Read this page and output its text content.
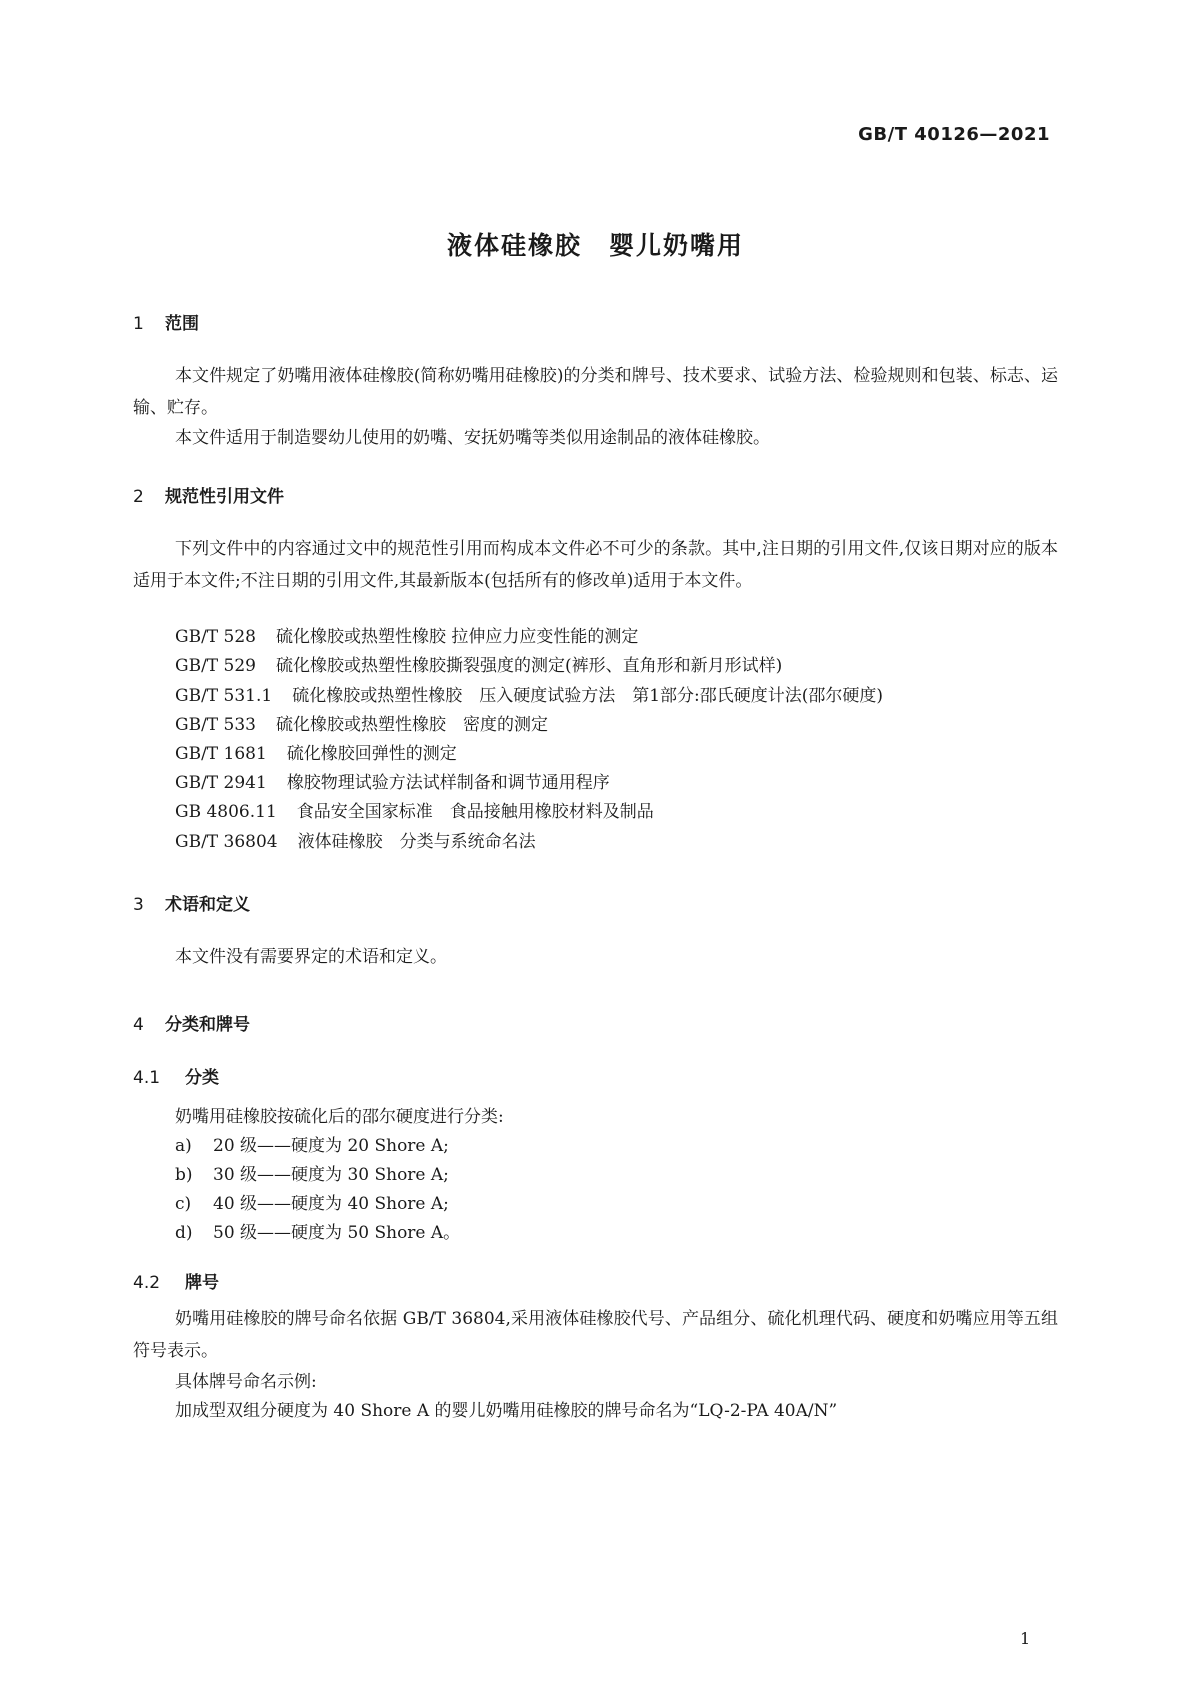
GB/T 40126—2021
液体硅橡胶　婴儿奶嘴用
1 范围
本文件规定了奶嘴用液体硅橡胶(简称奶嘴用硅橡胶)的分类和牌号、技术要求、试验方法、检验规则和包装、标志、运输、贮存。
本文件适用于制造婴幼儿使用的奶嘴、安抚奶嘴等类似用途制品的液体硅橡胶。
2 规范性引用文件
下列文件中的内容通过文中的规范性引用而构成本文件必不可少的条款。其中,注日期的引用文件,仅该日期对应的版本适用于本文件;不注日期的引用文件,其最新版本(包括所有的修改单)适用于本文件。
GB/T 528 硫化橡胶或热塑性橡胶 拉伸应力应变性能的测定
GB/T 529 硫化橡胶或热塑性橡胶撕裂强度的测定(裤形、直角形和新月形试样)
GB/T 531.1 硫化橡胶或热塑性橡胶　压入硬度试验方法　第1部分:邵氏硬度计法(邵尔硬度)
GB/T 533 硫化橡胶或热塑性橡胶　密度的测定
GB/T 1681 硫化橡胶回弹性的测定
GB/T 2941 橡胶物理试验方法试样制备和调节通用程序
GB 4806.11 食品安全国家标准　食品接触用橡胶材料及制品
GB/T 36804 液体硅橡胶　分类与系统命名法
3 术语和定义
本文件没有需要界定的术语和定义。
4 分类和牌号
4.1 分类
奶嘴用硅橡胶按硫化后的邵尔硬度进行分类:
a) 20 级——硬度为 20 Shore A;
b) 30 级——硬度为 30 Shore A;
c) 40 级——硬度为 40 Shore A;
d) 50 级——硬度为 50 Shore A。
4.2 牌号
奶嘴用硅橡胶的牌号命名依据 GB/T 36804,采用液体硅橡胶代号、产品组分、硫化机理代码、硬度和奶嘴应用等五组符号表示。
具体牌号命名示例:
加成型双组分硬度为 40 Shore A 的婴儿奶嘴用硅橡胶的牌号命名为“LQ-2-PA 40A/N”
1
